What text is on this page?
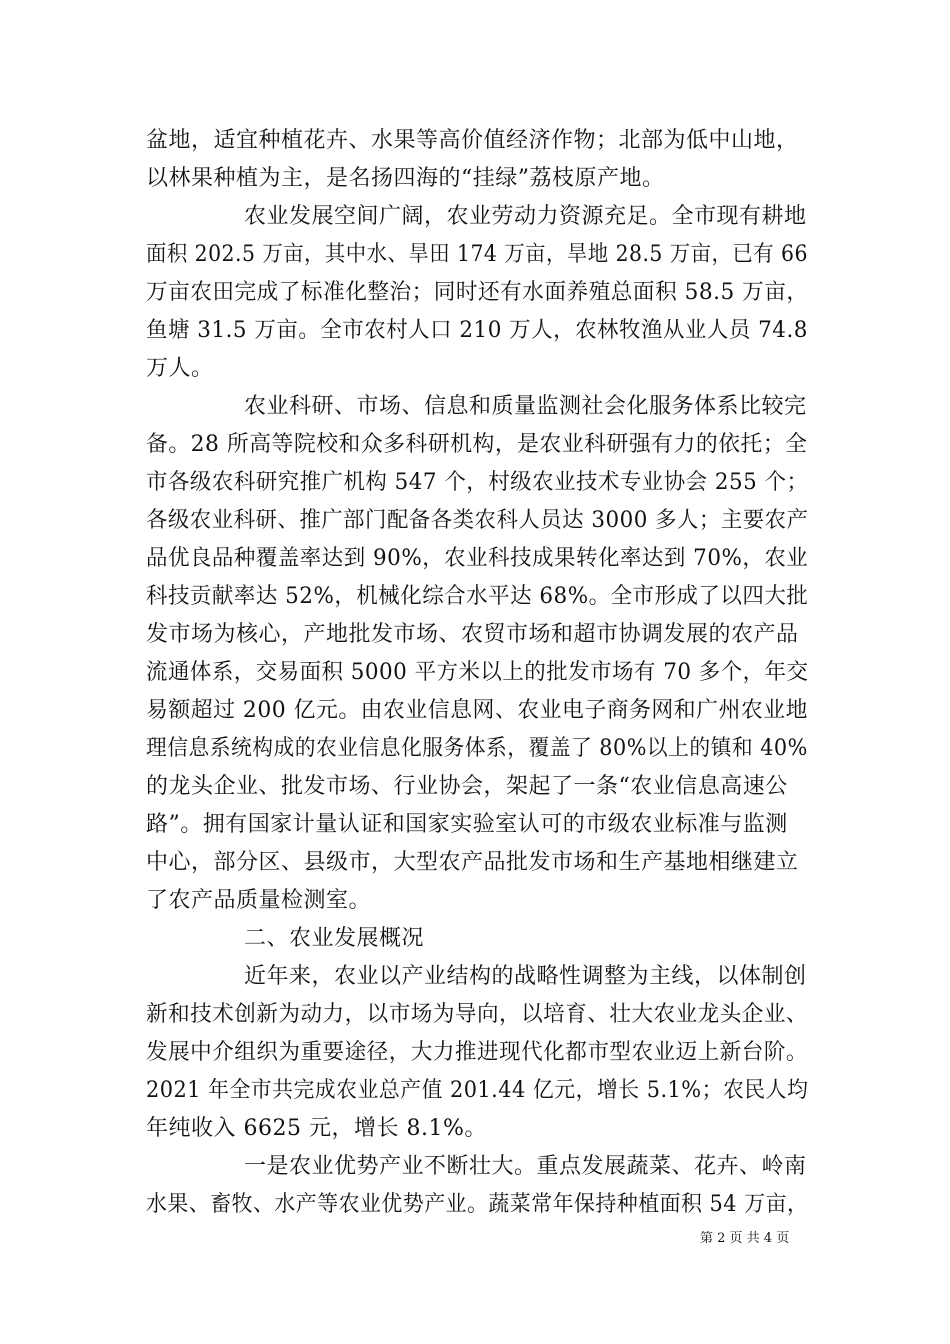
盆地，适宜种植花卉、水果等高价值经济作物；北部为低中山地，
以林果种植为主，是名扬四海的“挂绿”荔枝原产地。
农业发展空间广阔，农业劳动力资源充足。全市现有耕地
面积 202.5 万亩，其中水、旱田 174 万亩，旱地 28.5 万亩，已有 66
万亩农田完成了标准化整治；同时还有水面养殖总面积 58.5 万亩，
鱼塘 31.5 万亩。全市农村人口 210 万人，农林牧渔从业人员 74.8
万人。
农业科研、市场、信息和质量监测社会化服务体系比较完
备。28 所高等院校和众多科研机构，是农业科研强有力的依托；全
市各级农科研究推广机构 547 个，村级农业技术专业协会 255 个；
各级农业科研、推广部门配备各类农科人员达 3000 多人；主要农产
品优良品种覆盖率达到 90%，农业科技成果转化率达到 70%，农业
科技贡献率达 52%，机械化综合水平达 68%。全市形成了以四大批
发市场为核心，产地批发市场、农贸市场和超市协调发展的农产品
流通体系，交易面积 5000 平方米以上的批发市场有 70 多个，年交
易额超过 200 亿元。由农业信息网、农业电子商务网和广州农业地
理信息系统构成的农业信息化服务体系，覆盖了 80%以上的镇和 40%
的龙头企业、批发市场、行业协会，架起了一条“农业信息高速公
路”。拥有国家计量认证和国家实验室认可的市级农业标准与监测
中心，部分区、县级市，大型农产品批发市场和生产基地相继建立
了农产品质量检测室。
二、农业发展概况
近年来，农业以产业结构的战略性调整为主线，以体制创
新和技术创新为动力，以市场为导向，以培育、壮大农业龙头企业、
发展中介组织为重要途径，大力推进现代化都市型农业迈上新台阶。
2021 年全市共完成农业总产值 201.44 亿元，增长 5.1%；农民人均
年纯收入 6625 元，增长 8.1%。
一是农业优势产业不断壮大。重点发展蔬菜、花卉、岭南
水果、畜牧、水产等农业优势产业。蔬菜常年保持种植面积 54 万亩，
第 2 页 共 4 页
